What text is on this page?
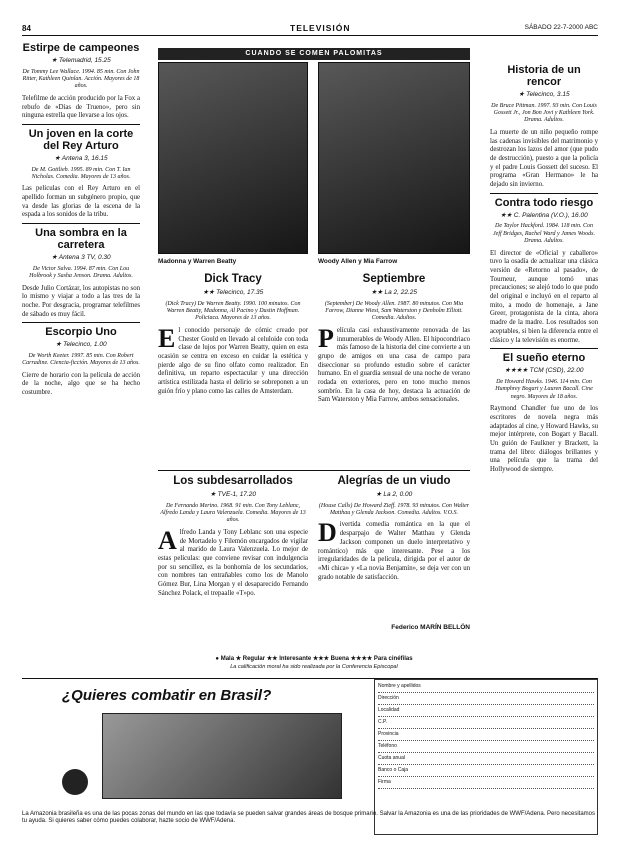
84	TELEVISIÓN	SÁBADO 22-7-2000 ABC
Estirpe de campeones
★ Telemadrid, 15.25
De Tommy Lee Wallace. 1994. 85 min. Con John Ritter, Kathleen Quinlan. Acción. Mayores de 18 años.
Telefilme de acción producido por la Fox a rebufo de «Días de Trueno», pero sin ninguna estrella que llevarse a los ojos.
Un joven en la corte del Rey Arturo
★ Antena 3, 16.15
De M. Gottlieb. 1995. 89 min. Con T. Ian Nicholas. Comedia. Mayores de 13 años.
Las películas con el Rey Arturo en el apellido forman un subgénero propio, que va desde las glorias de la escena de la espada a los sonidos de la tribu.
Una sombra en la carretera
★ Antena 3 TV, 0.30
De Victor Salva. 1994. 87 min. Con Lou Holbrook y Sasha Jenson. Drama. Adultos.
Desde Julio Cortázar, los autopistas no son lo mismo y viajar a todo a las tres de la noche. Por desgracia, programar telefilmes de sábado es muy fácil.
Escorpio Uno
★ Telecinco, 1.00
De Worth Keeter. 1997. 85 min. Con Robert Carradine. Ciencia-ficción. Mayores de 13 años.
Cierre de horario con la película de acción de la noche, algo que se ha hecho costumbre.
CUANDO SE COMEN PALOMITAS
Madonna y Warren Beatty	Woody Allen y Mia Farrow
Dick Tracy
★★ Telecinco, 17.35
(Dick Tracy) De Warren Beatty. 1990. 100 minutos. Con Warren Beatty, Madonna, Al Pacino y Dustin Hoffman. Policiaca. Mayores de 13 años.
El conocido personaje de cómic creado por Chester Gould en llevado al celuloide con toda clase de lujos por Warren Beatty, quien en esta ocasión se centra en exceso en cuidar la estética y pierde algo de su fino olfato como realizador. En definitiva, un reparto espectacular y una dirección artística estilizada hasta el delirio se sobreponen a un guión frío y plano como las calles de Amsterdam.
Septiembre
★★ La 2, 22.25
(September) De Woody Allen. 1987. 80 minutos. Con Mia Farrow, Dianne Wiest, Sam Waterston y Denholm Elliott. Comedia. Adultos.
Película casi exhaustivamente renovada de las innumerables de Woody Allen. El hipocondriaco más famoso de la historia del cine convierte a un grupo de amigos en una casa de campo para diseccionar su profundo estudio sobre el carácter humano. En el guardia sensual de una noche de verano rodada en exteriores, pero en tono mucho menos sombrío. En la casa de hoy, destaca la actuación de Sam Waterston y Mia Farrow, ambos sensacionales.
Los subdesarrollados
★ TVE-1, 17.20
De Fernando Merino. 1968. 91 min. Con Tony Leblanc, Alfredo Landa y Laura Valenzuela. Comedia. Mayores de 13 años.
Alfredo Landa y Tony Leblanc son una especie de Mortadelo y Filemón encargados de vigilar al marido de Laura Valenzuela. Lo mejor de estas películas: que conviene revisar con indulgencia por su sencillez, es la bonhomía de los secundarios, con nombres tan entrañables como los de Manolo Gómez Bur, Lina Morgan y el desaparecido Fernando Sánchez Polack, el trepaalle «T»po.
Alegrías de un viudo
★ La 2, 0.00
(House Calls) De Howard Zieff. 1978. 93 minutos. Con Walter Matthau y Glenda Jackson. Comedia. Adultos. V.O.S.
Divertida comedia romántica en la que el desparpajo de Walter Matthau y Glenda Jackson componen un duelo interpretativo y romántico) más que interesante. Pese a los irregularidades de la película, dirigida por el autor de «Mi chica» y «La novia Benjamín», se deja ver con un grado notable de satisfacción.
Federico MARÍN BELLÓN
● Mala ★ Regular ★★ Interesante ★★★ Buena ★★★★ Para cinéfilas
La calificación moral ha sido realizada por la Conferencia Episcopal
Historia de un rencor
★ Telecinco, 3.15
De Bruce Pittman. 1997. 93 min. Con Louis Gossett Jr., Jon Bon Jovi y Kathleen York. Drama. Adultos.
La muerte de un niño pequeño rompe las cadenas invisibles del matrimonio y destrozan los lazos del amor (que pudo de destrucción), puesto a que la policía y el padre Louis Gossett del suceso. El programa «Gran Hermano» le ha dejado sin invierno.
Contra todo riesgo
★★ C. Palentina (V.O.), 16.00
De Taylor Hackford. 1984. 118 min. Con Jeff Bridges, Rachel Ward y James Woods. Drama. Adultos.
El director de «Oficial y caballero» tuvo la osadía de actualizar una clásica versión de «Retorno al pasado», de Tourneur, aunque tomó unas precauciones; se alejó todo lo que pudo del original e incluyó en el reparto al mito, a modo de homenaje, a Jane Greer, protagonista de la cinta, ahora madre de la madre. Los resultados son aceptables, si bien la diferencia entre el clásico y la televisión es enorme.
El sueño eterno
★★★★ TCM (CSD), 22.00
De Howard Hawks. 1946. 114 min. Con Humphrey Bogart y Lauren Bacall. Cine negro. Mayores de 18 años.
Raymond Chandler fue uno de los escritores de novela negra más adaptados al cine, y Howard Hawks, su mejor intérprete, con Bogart y Bacall. Un guión de Faulkner y Brackett, la trama del libro: diálogos brillantes y una película que la trama del Hollywood de siempre.
¿Quieres combatir en Brasil?
Nombre y apellidos
Dirección
Localidad
C.P.
Provincia
Teléfono
Cuota anual
Banco o Caja
Firma
La Amazonia brasileña es una de las pocas zonas del mundo en las que todavía se pueden salvar grandes áreas de bosque primario. Salvar la Amazonia es una de las prioridades de WWF/Adena. Pero necesitamos tu ayuda. Si quieres saber cómo puedes colaborar, hazte socio de WWF/Adena.
